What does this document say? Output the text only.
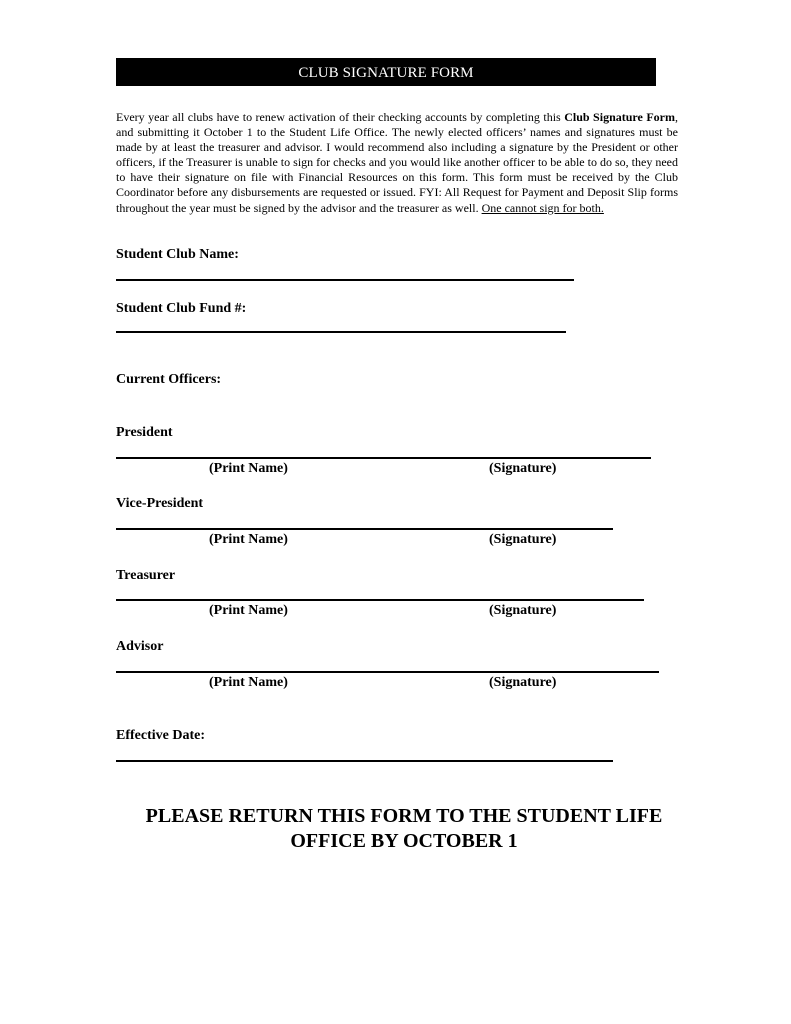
CLUB SIGNATURE FORM
Every year all clubs have to renew activation of their checking accounts by completing this Club Signature Form, and submitting it October 1 to the Student Life Office. The newly elected officers’ names and signatures must be made by at least the treasurer and advisor. I would recommend also including a signature by the President or other officers, if the Treasurer is unable to sign for checks and you would like another officer to be able to do so, they need to have their signature on file with Financial Resources on this form. This form must be received by the Club Coordinator before any disbursements are requested or issued. FYI: All Request for Payment and Deposit Slip forms throughout the year must be signed by the advisor and the treasurer as well. One cannot sign for both.
Student Club Name:
Student Club Fund #:
Current Officers:
President
(Print Name)	(Signature)
Vice-President
(Print Name)	(Signature)
Treasurer
(Print Name)	(Signature)
Advisor
(Print Name)	(Signature)
Effective Date:
PLEASE RETURN THIS FORM TO THE STUDENT LIFE
OFFICE BY OCTOBER 1
